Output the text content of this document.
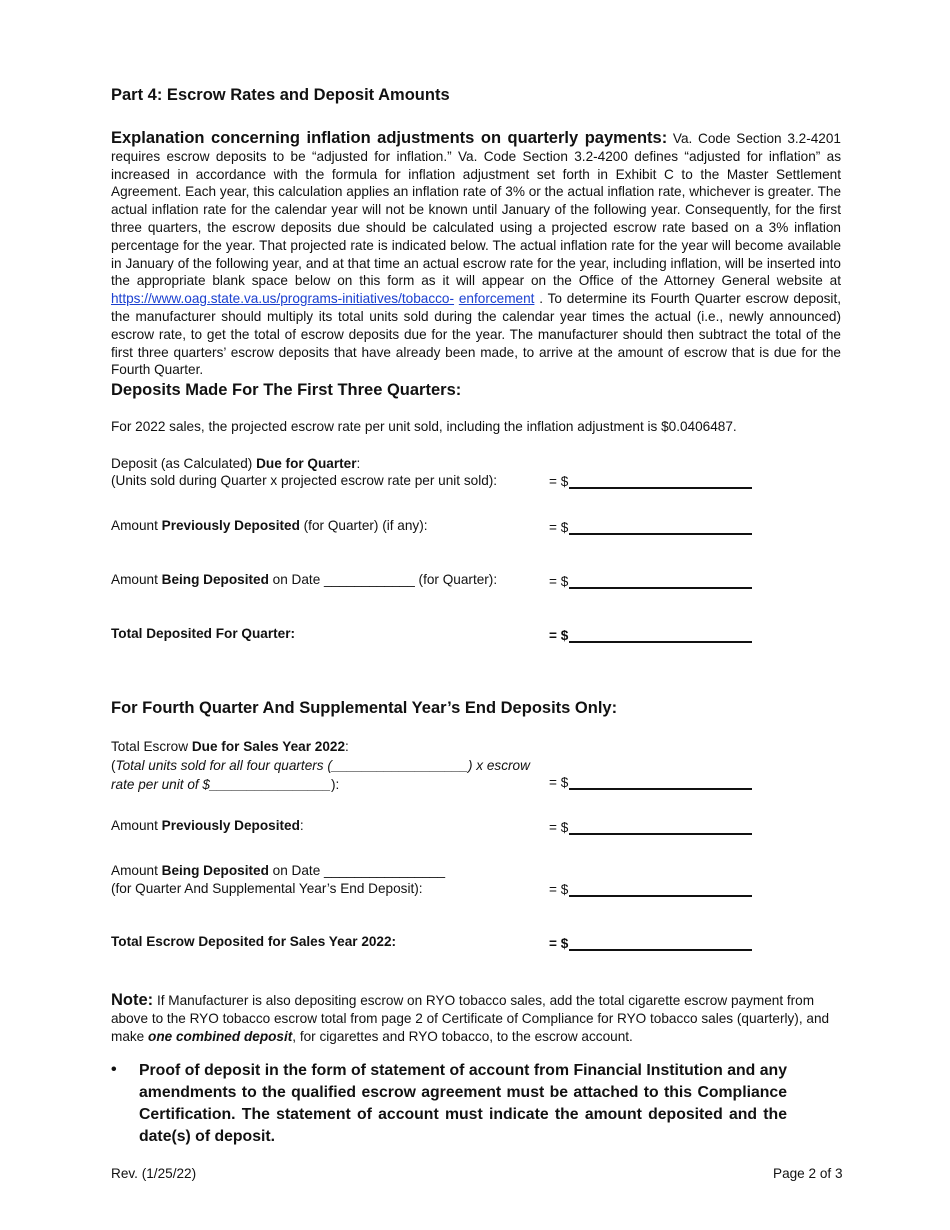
Part 4: Escrow Rates and Deposit Amounts
Explanation concerning inflation adjustments on quarterly payments: Va. Code Section 3.2-4201 requires escrow deposits to be “adjusted for inflation.” Va. Code Section 3.2-4200 defines “adjusted for inflation” as increased in accordance with the formula for inflation adjustment set forth in Exhibit C to the Master Settlement Agreement. Each year, this calculation applies an inflation rate of 3% or the actual inflation rate, whichever is greater. The actual inflation rate for the calendar year will not be known until January of the following year. Consequently, for the first three quarters, the escrow deposits due should be calculated using a projected escrow rate based on a 3% inflation percentage for the year. That projected rate is indicated below. The actual inflation rate for the year will become available in January of the following year, and at that time an actual escrow rate for the year, including inflation, will be inserted into the appropriate blank space below on this form as it will appear on the Office of the Attorney General website at https://www.oag.state.va.us/programs-initiatives/tobacco- enforcement . To determine its Fourth Quarter escrow deposit, the manufacturer should multiply its total units sold during the calendar year times the actual (i.e., newly announced) escrow rate, to get the total of escrow deposits due for the year. The manufacturer should then subtract the total of the first three quarters’ escrow deposits that have already been made, to arrive at the amount of escrow that is due for the Fourth Quarter.
Deposits Made For The First Three Quarters:
For 2022 sales, the projected escrow rate per unit sold, including the inflation adjustment is $0.0406487.
Deposit (as Calculated) Due for Quarter:
(Units sold during Quarter x projected escrow rate per unit sold):	= $
Amount Previously Deposited (for Quarter) (if any):	= $
Amount Being Deposited on Date ____________ (for Quarter):	= $
Total Deposited For Quarter:	= $
For Fourth Quarter And Supplemental Year’s End Deposits Only:
Total Escrow Due for Sales Year 2022:
(Total units sold for all four quarters (__________________) x escrow
rate per unit of $________________):	= $
Amount Previously Deposited:	= $
Amount Being Deposited on Date ________________
(for Quarter And Supplemental Year’s End Deposit):	= $
Total Escrow Deposited for Sales Year 2022:	= $
Note: If Manufacturer is also depositing escrow on RYO tobacco sales, add the total cigarette escrow payment from above to the RYO tobacco escrow total from page 2 of Certificate of Compliance for RYO tobacco sales (quarterly), and make one combined deposit, for cigarettes and RYO tobacco, to the escrow account.
• Proof of deposit in the form of statement of account from Financial Institution and any amendments to the qualified escrow agreement must be attached to this Compliance Certification. The statement of account must indicate the amount deposited and the date(s) of deposit.
Rev. (1/25/22)	Page 2 of 3
